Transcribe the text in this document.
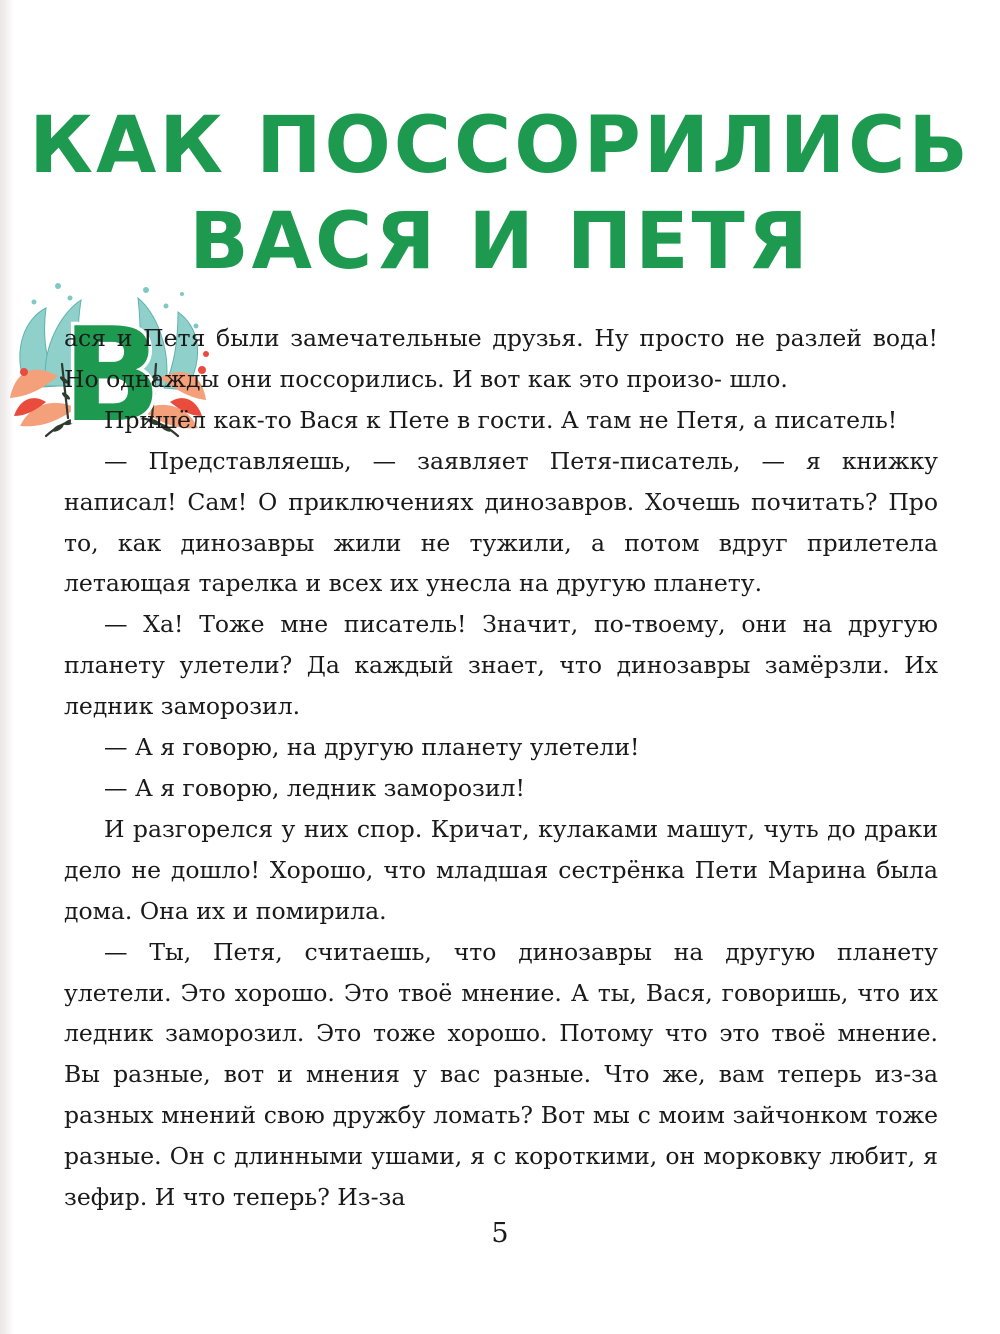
КАК ПОССОРИЛИСЬ
ВАСЯ И ПЕТЯ
В

ася и Петя были замечательные друзья. Ну просто не разлей вода! Но однажды они поссорились. И вот как это произо- шло.

Пришёл как-то Вася к Пете в гости. А там не Петя, а писатель!

— Представляешь, — заявляет Петя-писатель, — я книжку написал! Сам! О приключениях динозавров. Хочешь почитать? Про то, как динозавры жили не тужили, а потом вдруг прилетела летающая тарелка и всех их унесла на другую планету.

— Ха! Тоже мне писатель! Значит, по-твоему, они на другую планету улетели? Да каждый знает, что динозавры замёрзли. Их ледник заморозил.

— А я говорю, на другую планету улетели!

— А я говорю, ледник заморозил!

И разгорелся у них спор. Кричат, кулаками машут, чуть до драки дело не дошло! Хорошо, что младшая сестрёнка Пети Марина была дома. Она их и помирила.

— Ты, Петя, считаешь, что динозавры на другую планету улетели. Это хорошо. Это твоё мнение. А ты, Вася, говоришь, что их ледник заморозил. Это тоже хорошо. Потому что это твоё мнение. Вы разные, вот и мнения у вас разные. Что же, вам теперь из-за разных мнений свою дружбу ломать? Вот мы с моим зайчонком тоже разные. Он с длинными ушами, я с короткими, он морковку любит, я зефир. И что теперь? Из-за

5
